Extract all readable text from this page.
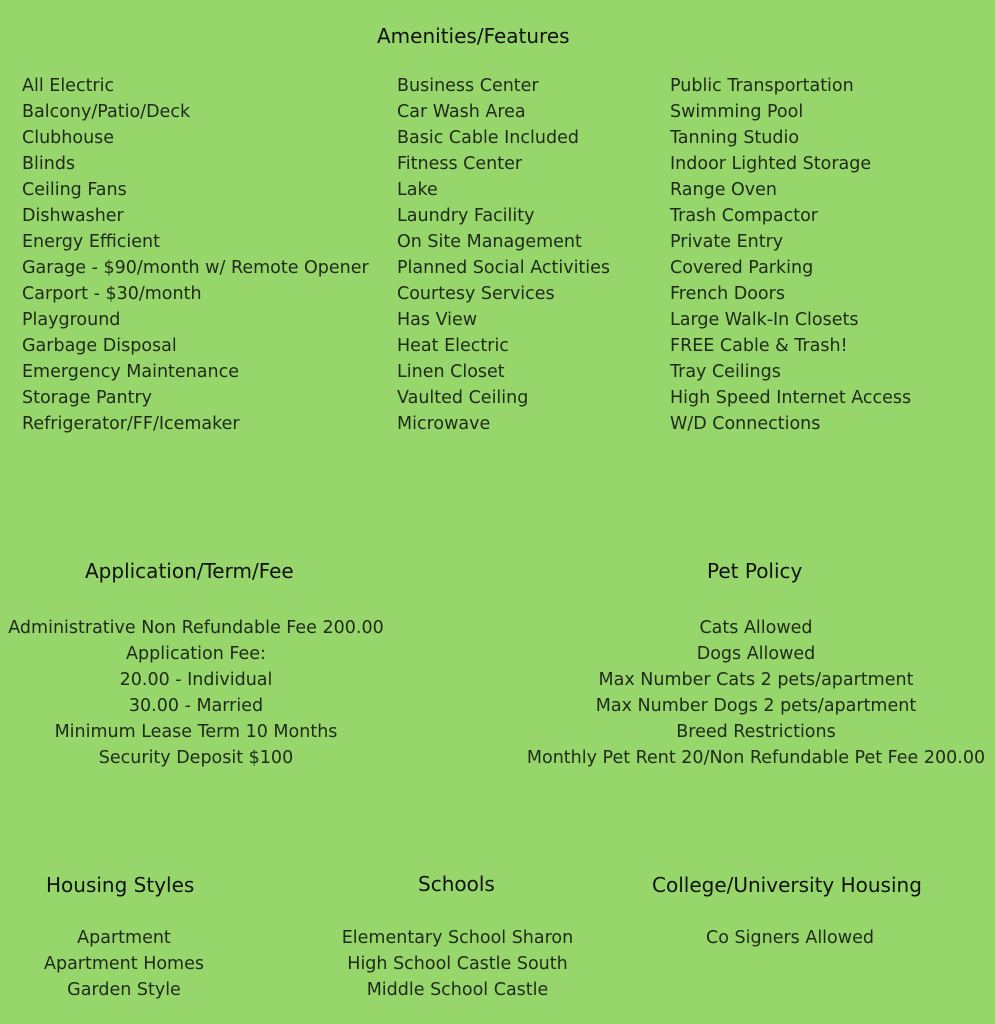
Amenities/Features
All Electric
Balcony/Patio/Deck
Clubhouse
Blinds
Ceiling Fans
Dishwasher
Energy Efficient
Garage - $90/month w/ Remote Opener
Carport - $30/month
Playground
Garbage Disposal
Emergency Maintenance
Storage Pantry
Refrigerator/FF/Icemaker
Business Center
Car Wash Area
Basic Cable Included
Fitness Center
Lake
Laundry Facility
On Site Management
Planned Social Activities
Courtesy Services
Has View
Heat Electric
Linen Closet
Vaulted Ceiling
Microwave
Public Transportation
Swimming Pool
Tanning Studio
Indoor Lighted Storage
Range Oven
Trash Compactor
Private Entry
Covered Parking
French Doors
Large Walk-In Closets
FREE Cable & Trash!
Tray Ceilings
High Speed Internet Access
W/D Connections
Application/Term/Fee
Administrative Non Refundable Fee 200.00
Application Fee:
20.00 - Individual
30.00 - Married
Minimum Lease Term 10 Months
Security Deposit $100
Pet Policy
Cats Allowed
Dogs Allowed
Max Number Cats 2 pets/apartment
Max Number Dogs 2 pets/apartment
Breed Restrictions
Monthly Pet Rent 20/Non Refundable Pet Fee 200.00
Housing Styles
Apartment
Apartment Homes
Garden Style
Schools
Elementary School Sharon
High School Castle South
Middle School Castle
College/University Housing
Co Signers Allowed
